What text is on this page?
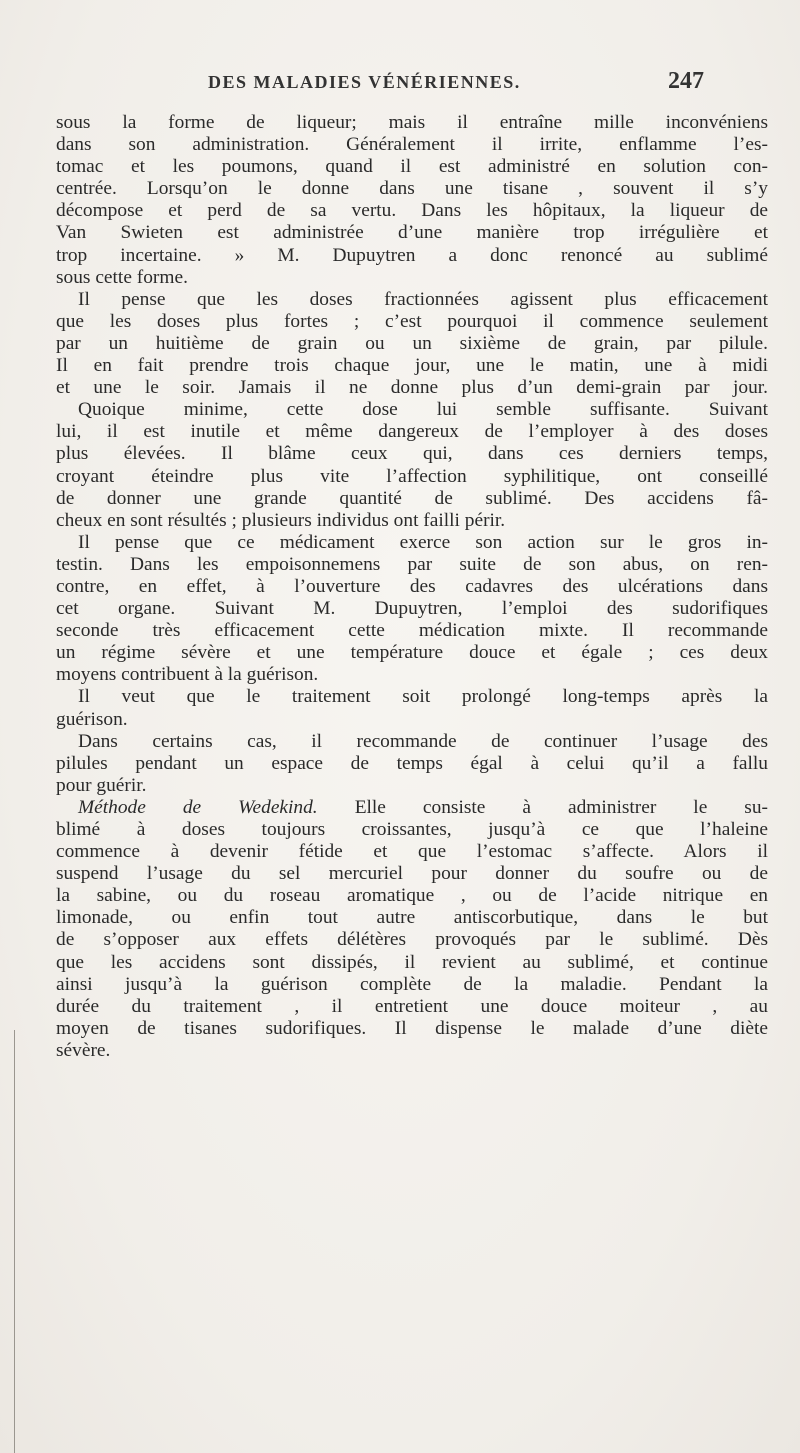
DES MALADIES VÉNÉRIENNES.	247
sous la forme de liqueur; mais il entraîne mille inconvéniens
dans son administration. Généralement il irrite, enflamme l’es-
tomac et les poumons, quand il est administré en solution con-
centrée. Lorsqu’on le donne dans une tisane , souvent il s’y
décompose et perd de sa vertu. Dans les hôpitaux, la liqueur de
Van Swieten est administrée d’une manière trop irrégulière et
trop incertaine. » M. Dupuytren a donc renoncé au sublimé
sous cette forme.
Il pense que les doses fractionnées agissent plus efficacement
que les doses plus fortes ; c’est pourquoi il commence seulement
par un huitième de grain ou un sixième de grain, par pilule.
Il en fait prendre trois chaque jour, une le matin, une à midi
et une le soir. Jamais il ne donne plus d’un demi-grain par jour.
Quoique minime, cette dose lui semble suffisante. Suivant
lui, il est inutile et même dangereux de l’employer à des doses
plus élevées. Il blâme ceux qui, dans ces derniers temps,
croyant éteindre plus vite l’affection syphilitique, ont conseillé
de donner une grande quantité de sublimé. Des accidens fâ-
cheux en sont résultés ; plusieurs individus ont failli périr.
Il pense que ce médicament exerce son action sur le gros in-
testin. Dans les empoisonnemens par suite de son abus, on ren-
contre, en effet, à l’ouverture des cadavres des ulcérations dans
cet organe. Suivant M. Dupuytren, l’emploi des sudorifiques
seconde très efficacement cette médication mixte. Il recommande
un régime sévère et une température douce et égale ; ces deux
moyens contribuent à la guérison.
Il veut que le traitement soit prolongé long-temps après la
guérison.
Dans certains cas, il recommande de continuer l’usage des
pilules pendant un espace de temps égal à celui qu’il a fallu
pour guérir.
Méthode de Wedekind. Elle consiste à administrer le su-
blimé à doses toujours croissantes, jusqu’à ce que l’haleine
commence à devenir fétide et que l’estomac s’affecte. Alors il
suspend l’usage du sel mercuriel pour donner du soufre ou de
la sabine, ou du roseau aromatique , ou de l’acide nitrique en
limonade, ou enfin tout autre antiscorbutique, dans le but
de s’opposer aux effets délétères provoqués par le sublimé. Dès
que les accidens sont dissipés, il revient au sublimé, et continue
ainsi jusqu’à la guérison complète de la maladie. Pendant la
durée du traitement , il entretient une douce moiteur , au
moyen de tisanes sudorifiques. Il dispense le malade d’une diète
sévère.
